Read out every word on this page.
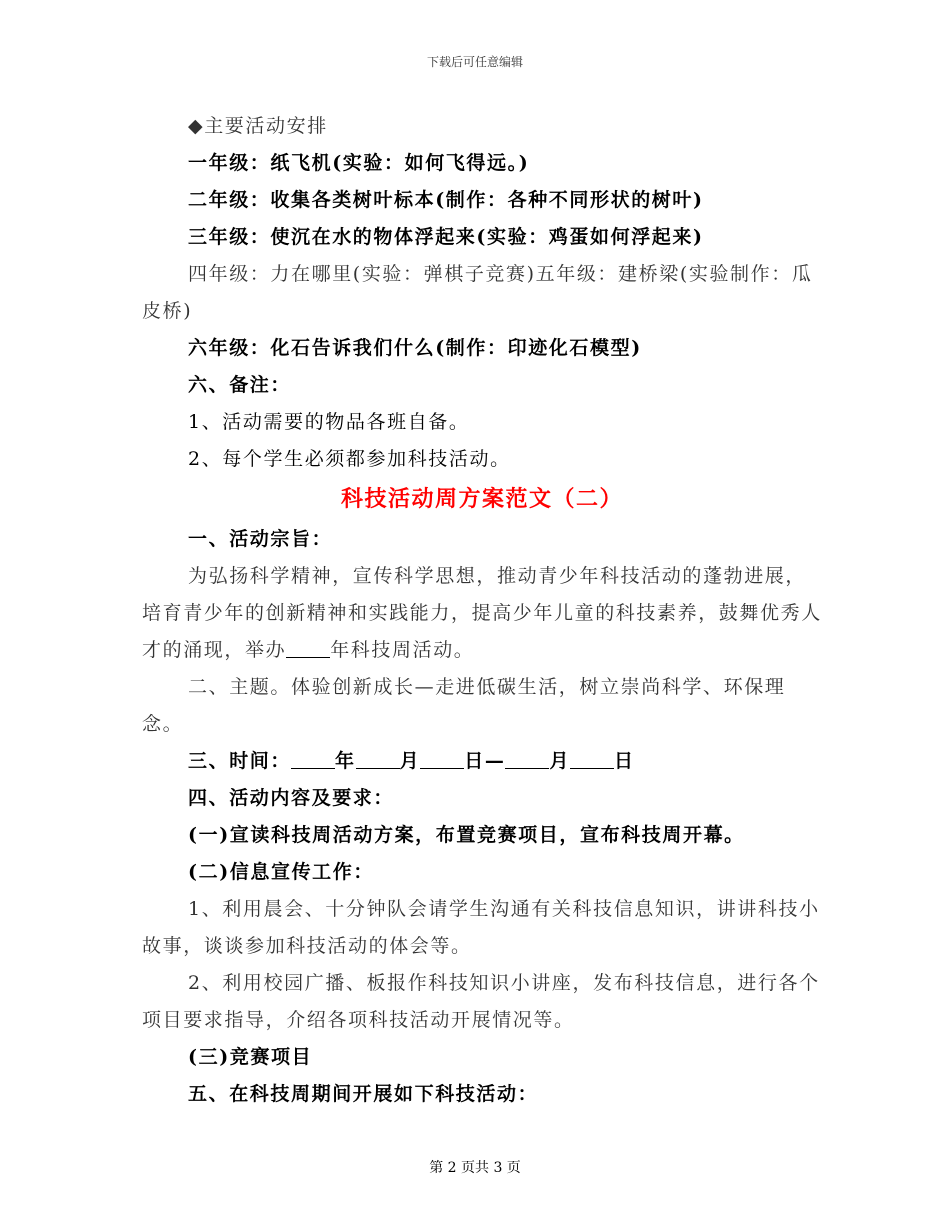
下载后可任意编辑
◆主要活动安排
一年级：纸飞机(实验：如何飞得远。)
二年级：收集各类树叶标本(制作：各种不同形状的树叶)
三年级：使沉在水的物体浮起来(实验：鸡蛋如何浮起来)
四年级：力在哪里(实验：弹棋子竞赛)五年级：建桥梁(实验制作：瓜皮桥)
六年级：化石告诉我们什么(制作：印迹化石模型)
六、备注：
1、活动需要的物品各班自备。
2、每个学生必须都参加科技活动。
科技活动周方案范文（二）
一、活动宗旨：
为弘扬科学精神，宣传科学思想，推动青少年科技活动的蓬勃进展，培育青少年的创新精神和实践能力，提高少年儿童的科技素养，鼓舞优秀人才的涌现，举办 年科技周活动。
二、主题。体验创新成长—走进低碳生活，树立崇尚科学、环保理念。
三、时间： 年 月 日— 月 日
四、活动内容及要求：
(一)宣读科技周活动方案，布置竞赛项目，宣布科技周开幕。
(二)信息宣传工作：
1、利用晨会、十分钟队会请学生沟通有关科技信息知识，讲讲科技小故事，谈谈参加科技活动的体会等。
2、利用校园广播、板报作科技知识小讲座，发布科技信息，进行各个项目要求指导，介绍各项科技活动开展情况等。
(三)竞赛项目
五、在科技周期间开展如下科技活动：
第 2 页共 3 页
